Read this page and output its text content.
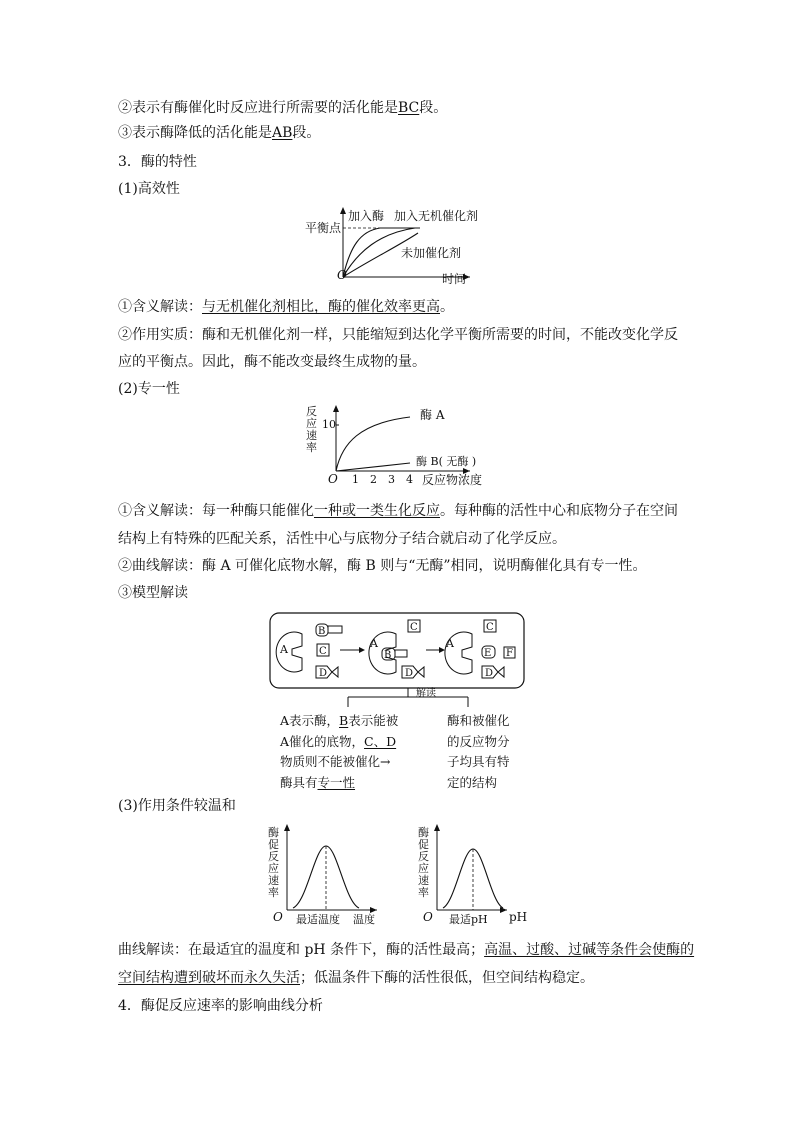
②表示有酶催化时反应进行所需要的活化能是BC段。
③表示酶降低的活化能是AB段。
3．酶的特性
(1)高效性
加入酶 加入无机催化剂
平衡点
未加催化剂
O	时间
①含义解读：与无机催化剂相比，酶的催化效率更高。
②作用实质：酶和无机催化剂一样，只能缩短到达化学平衡所需要的时间，不能改变化学反
应的平衡点。因此，酶不能改变最终生成物的量。
(2)专一性
反
应
速
率
10
酶 A
酶 B( 无酶 )
O 1 2 3 4 反应物浓度
①含义解读：每一种酶只能催化一种或一类生化反应。每种酶的活性中心和底物分子在空间
结构上有特殊的匹配关系，活性中心与底物分子结合就启动了化学反应。
②曲线解读：酶 A 可催化底物水解，酶 B 则与“无酶”相同，说明酶催化具有专一性。
③模型解读
A
B
C
D
A
B
C
D
A
C
E F
D
解读
A表示酶，B表示能被
A催化的底物，C、D
物质则不能被催化→
酶具有专一性
酶和被催化
的反应物分
子均具有特
定的结构
(3)作用条件较温和
酶
促
反
应
速
率
O 最适温度 温度
酶
促
反
应
速
率
O 最适pH pH
曲线解读：在最适宜的温度和 pH 条件下，酶的活性最高；高温、过酸、过碱等条件会使酶的
空间结构遭到破坏而永久失活；低温条件下酶的活性很低，但空间结构稳定。
4．酶促反应速率的影响曲线分析
